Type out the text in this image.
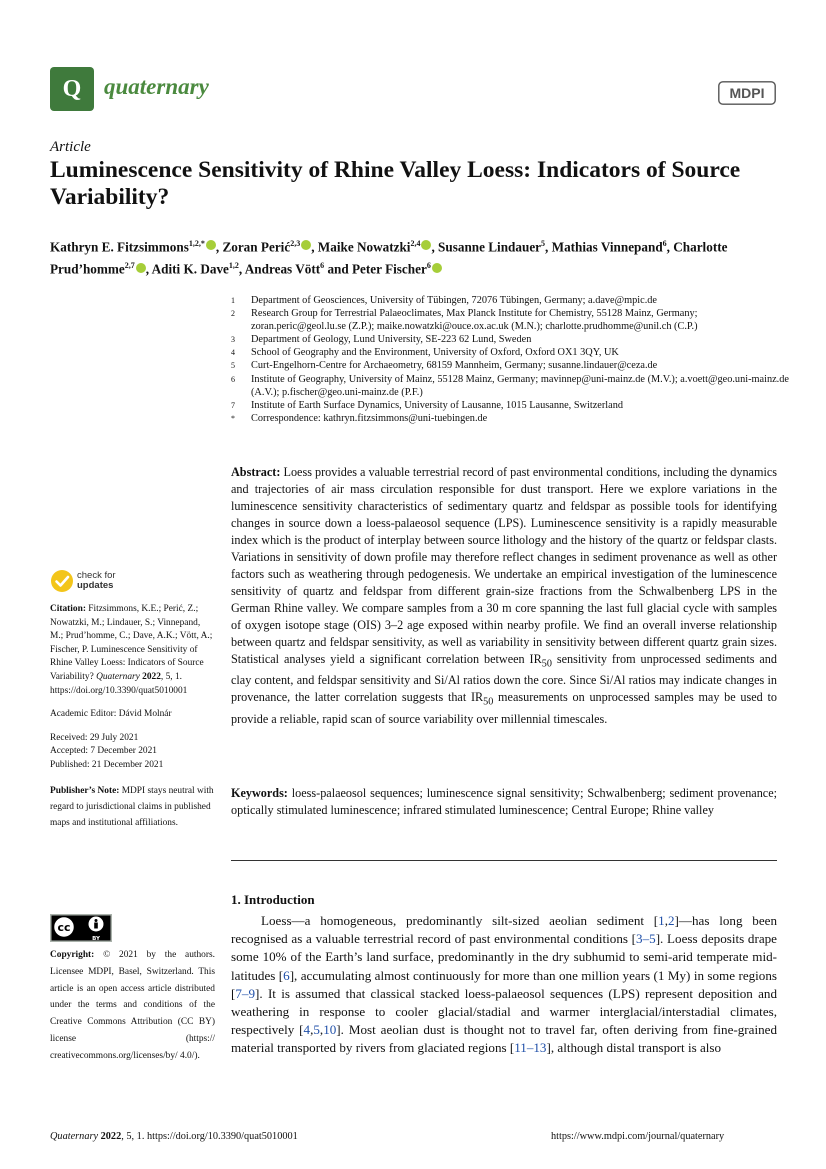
Q quaternary	MDPI
Article
Luminescence Sensitivity of Rhine Valley Loess: Indicators of Source Variability?
Kathryn E. Fitzsimmons$^{1,2,*}$ , Zoran Perić$^{2,3}$ , Maike Nowatzki$^{2,4}$ , Susanne Lindauer$^5$, Mathias Vinnepand$^6$, Charlotte Prud’homme$^{2,7}$ , Aditi K. Dave$^{1,2}$, Andreas Vött$^6$ and Peter Fischer$^6$
1	Department of Geosciences, University of Tübingen, 72076 Tübingen, Germany; a.dave@mpic.de
2	Research Group for Terrestrial Palaeoclimates, Max Planck Institute for Chemistry, 55128 Mainz, Germany; zoran.peric@geol.lu.se (Z.P.); maike.nowatzki@ouce.ox.ac.uk (M.N.); charlotte.prudhomme@unil.ch (C.P.)
3	Department of Geology, Lund University, SE-223 62 Lund, Sweden
4	School of Geography and the Environment, University of Oxford, Oxford OX1 3QY, UK
5	Curt-Engelhorn-Centre for Archaeometry, 68159 Mannheim, Germany; susanne.lindauer@ceza.de
6	Institute of Geography, University of Mainz, 55128 Mainz, Germany; mavinnep@uni-mainz.de (M.V.); a.voett@geo.uni-mainz.de (A.V.); p.fischer@geo.uni-mainz.de (P.F.)
7	Institute of Earth Surface Dynamics, University of Lausanne, 1015 Lausanne, Switzerland
*	Correspondence: kathryn.fitzsimmons@uni-tuebingen.de
Abstract: Loess provides a valuable terrestrial record of past environmental conditions, including the dynamics and trajectories of air mass circulation responsible for dust transport. Here we explore variations in the luminescence sensitivity characteristics of sedimentary quartz and feldspar as possible tools for identifying changes in source down a loess-palaeosol sequence (LPS). Luminescence sensitivity is a rapidly measurable index which is the product of interplay between source lithology and the history of the quartz or feldspar clasts. Variations in sensitivity of down profile may therefore reflect changes in sediment provenance as well as other factors such as weathering through pedogenesis. We undertake an empirical investigation of the luminescence sensitivity of quartz and feldspar from different grain-size fractions from the Schwalbenberg LPS in the German Rhine valley. We compare samples from a 30 m core spanning the last full glacial cycle with samples of oxygen isotope stage (OIS) 3–2 age exposed within nearby profile. We find an overall inverse relationship between quartz and feldspar sensitivity, as well as variability in sensitivity between different quartz grain sizes. Statistical analyses yield a significant correlation between $IR_{50}$ sensitivity from unprocessed sediments and clay content, and feldspar sensitivity and Si/Al ratios down the core. Since Si/Al ratios may indicate changes in provenance, the latter correlation suggests that $IR_{50}$ measurements on unprocessed samples may be used to provide a reliable, rapid scan of source variability over millennial timescales.
Keywords: loess-palaeosol sequences; luminescence signal sensitivity; Schwalbenberg; sediment provenance; optically stimulated luminescence; infrared stimulated luminescence; Central Europe; Rhine valley
1. Introduction
Loess—a homogeneous, predominantly silt-sized aeolian sediment [1,2]—has long been recognised as a valuable terrestrial record of past environmental conditions [3–5]. Loess deposits drape some 10% of the Earth’s land surface, predominantly in the dry subhumid to semi-arid temperate mid-latitudes [6], accumulating almost continuously for more than one million years (1 My) in some regions [7–9]. It is assumed that classical stacked loess-palaeosol sequences (LPS) represent deposition and weathering in response to cooler glacial/stadial and warmer interglacial/interstadial climates, respectively [4,5,10]. Most aeolian dust is thought not to travel far, often deriving from fine-grained material transported by rivers from glaciated regions [11–13], although distal transport is also
check for
updates

Citation: Fitzsimmons, K.E.; Perić, Z.; Nowatzki, M.; Lindauer, S.; Vinnepand, M.; Prud’homme, C.; Dave, A.K.; Vött, A.; Fischer, P. Luminescence Sensitivity of Rhine Valley Loess: Indicators of Source Variability? Quaternary 2022, 5, 1. https://doi.org/10.3390/quat5010001

Academic Editor: Dávid Molnár

Received: 29 July 2021

Accepted: 7 December 2021

Published: 21 December 2021

Publisher’s Note: MDPI stays neutral with regard to jurisdictional claims in published maps and institutional affiliations.

cc
BY
Copyright: © 2021 by the authors. Licensee MDPI, Basel, Switzerland. This article is an open access article distributed under the terms and conditions of the Creative Commons Attribution (CC BY) license (https:// creativecommons.org/licenses/by/ 4.0/).
Quaternary 2022, 5, 1. https://doi.org/10.3390/quat5010001	https://www.mdpi.com/journal/quaternary
